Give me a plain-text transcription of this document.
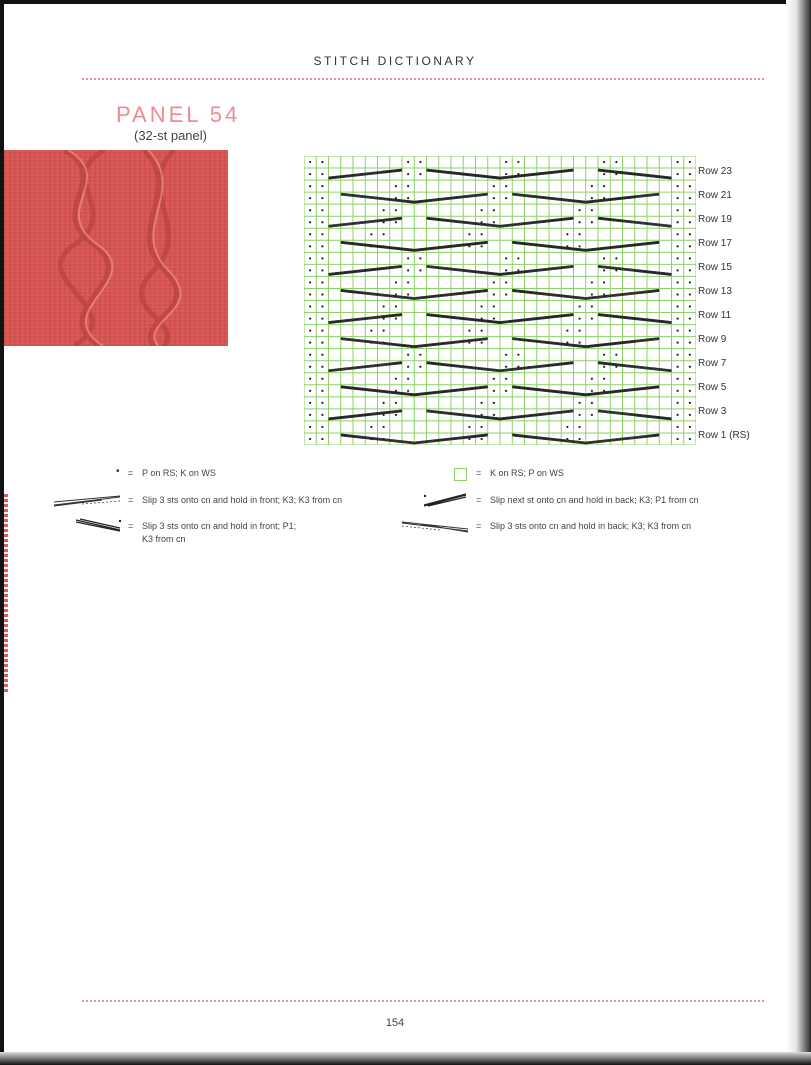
STITCH DICTIONARY
PANEL 54
(32-st panel)
Row 23
Row 21
Row 19
Row 17
Row 15
Row 13
Row 11
Row 9
Row 7
Row 5
Row 3
Row 1 (RS)
• = P on RS; K on WS
= Slip 3 sts onto cn and hold in front; K3; K3 from cn
= Slip 3 sts onto cn and hold in front; P1;
K3 from cn
= K on RS; P on WS
= Slip next st onto cn and hold in back; K3; P1 from cn
= Slip 3 sts onto cn and hold in back; K3; K3 from cn
154
